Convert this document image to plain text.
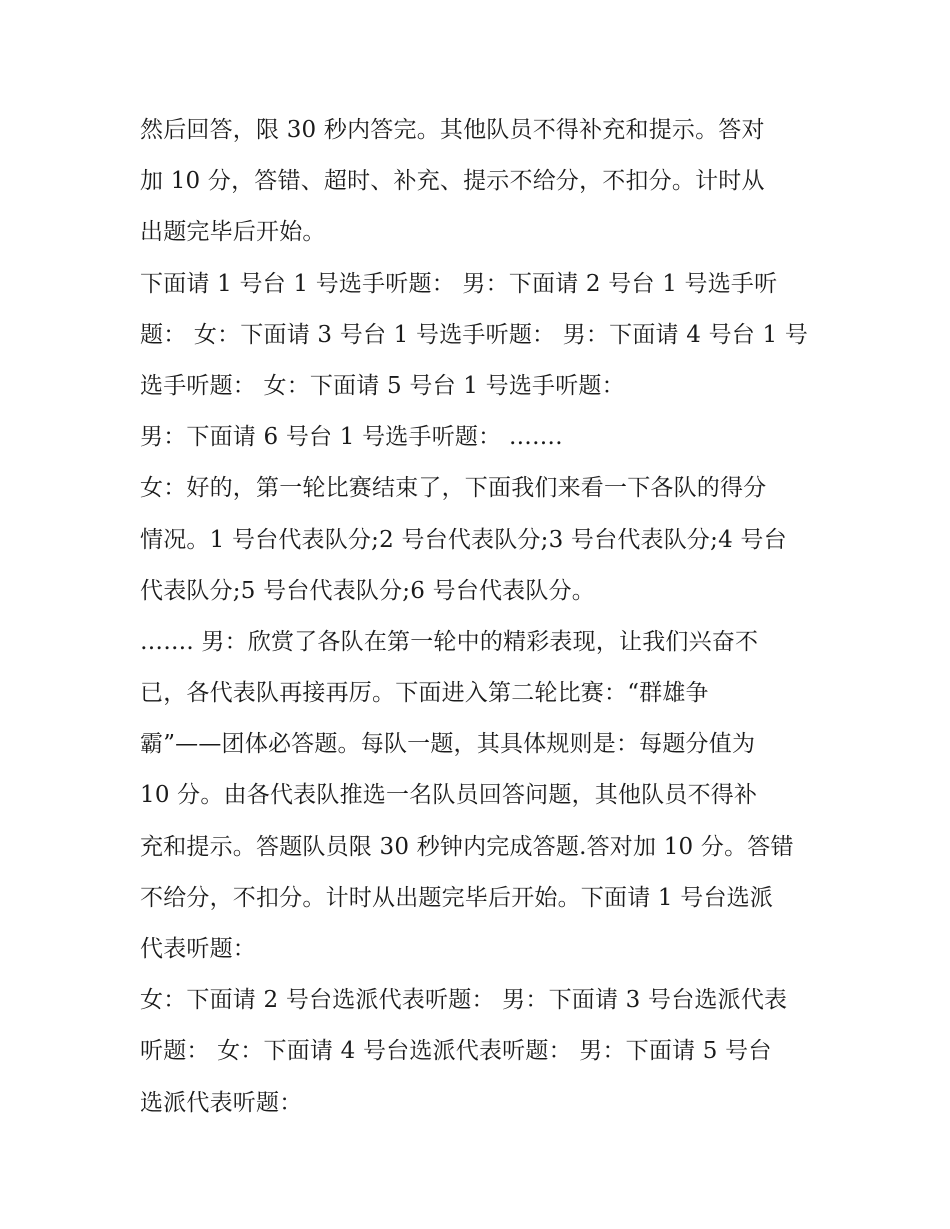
然后回答，限 30 秒内答完。其他队员不得补充和提示。答对
加 10 分，答错、超时、补充、提示不给分，不扣分。计时从
出题完毕后开始。
下面请 1 号台 1 号选手听题： 男：下面请 2 号台 1 号选手听
题： 女：下面请 3 号台 1 号选手听题： 男：下面请 4 号台 1 号
选手听题： 女：下面请 5 号台 1 号选手听题：
男：下面请 6 号台 1 号选手听题： …….
女：好的，第一轮比赛结束了，下面我们来看一下各队的得分
情况。1 号台代表队分;2 号台代表队分;3 号台代表队分;4 号台
代表队分;5 号台代表队分;6 号台代表队分。
……. 男：欣赏了各队在第一轮中的精彩表现，让我们兴奋不
已，各代表队再接再厉。下面进入第二轮比赛：“群雄争
霸”——团体必答题。每队一题，其具体规则是：每题分值为
10 分。由各代表队推选一名队员回答问题，其他队员不得补
充和提示。答题队员限 30 秒钟内完成答题.答对加 10 分。答错
不给分，不扣分。计时从出题完毕后开始。下面请 1 号台选派
代表听题：
女：下面请 2 号台选派代表听题： 男：下面请 3 号台选派代表
听题： 女：下面请 4 号台选派代表听题： 男：下面请 5 号台
选派代表听题：
